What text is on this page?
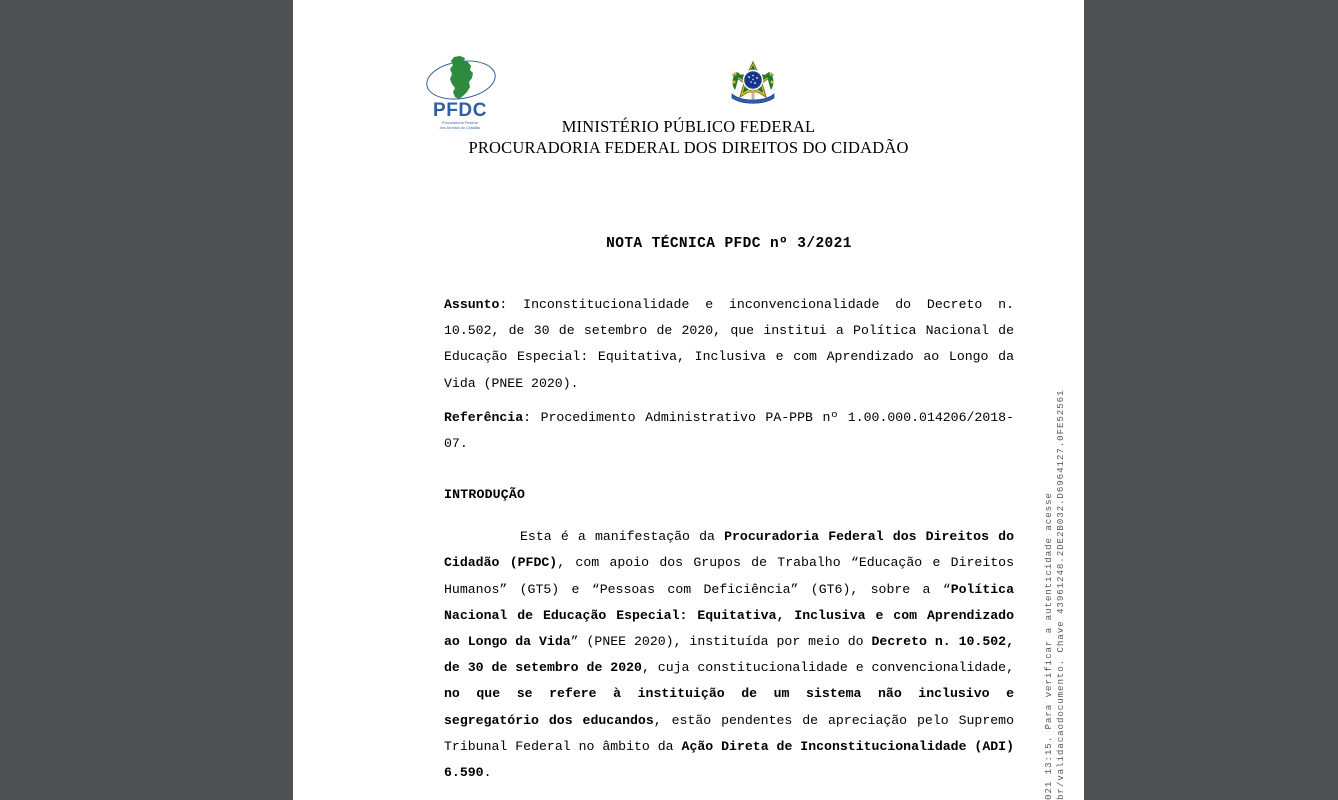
PFDC
Procuradoria Federal
dos Direitos do Cidadão	MINISTÉRIO PÚBLICO FEDERAL
PROCURADORIA FEDERAL DOS DIREITOS DO CIDADÃO
NOTA TÉCNICA PFDC nº 3/2021

Assunto: Inconstitucionalidade e inconvencionalidade do Decreto n. 10.502, de 30 de setembro de 2020, que institui a Política Nacional de Educação Especial: Equitativa, Inclusiva e com Aprendizado ao Longo da Vida (PNEE 2020).

Referência: Procedimento Administrativo PA-PPB nº 1.00.000.014206/2018-07.

INTRODUÇÃO

Esta é a manifestação da Procuradoria Federal dos Direitos do Cidadão (PFDC), com apoio dos Grupos de Trabalho “Educação e Direitos Humanos” (GT5) e “Pessoas com Deficiência” (GT6), sobre a “Política Nacional de Educação Especial: Equitativa, Inclusiva e com Aprendizado ao Longo da Vida” (PNEE 2020), instituída por meio do Decreto n. 10.502, de 30 de setembro de 2020, cuja constitucionalidade e convencionalidade, no que se refere à instituição de um sistema não inclusivo e segregatório dos educandos, estão pendentes de apreciação pelo Supremo Tribunal Federal no âmbito da Ação Direta de Inconstitucionalidade (ADI) 6.590.	021 13:15. Para verificar a autenticidade acesse br/validacaodocumento. Chave 43961248.2DE2B032.D6964127.0FE52561
